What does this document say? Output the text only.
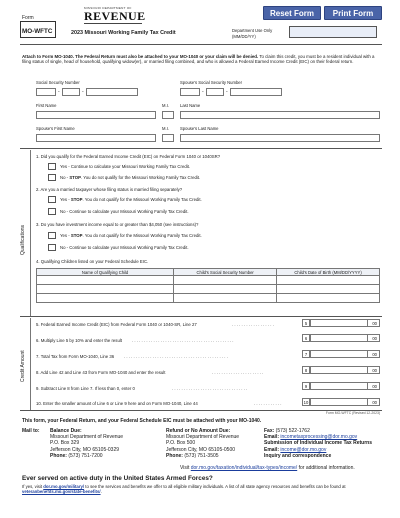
Reset Form	Print Form
Form
MO-WFTC
MISSOURI DEPARTMENT OF
REVENUE
2023 Missouri Working Family Tax Credit	Department Use Only
(MM/DD/YY)
Attach to Form MO-1040. The Federal Return must also be attached to your MO-1040 or your claim will be denied. To claim this credit, you must be a resident individual with a filing status of single, head of household, qualifying widow(er), or married filing combined, and who is allowed a Federal Earned Income Credit (EIC) on their federal return.
Social Security Number
-	-
Spouse's Social Security Number
-	-
First Name	M.I.	Last Name
Spouse's First Name	M.I.	Spouse's Last Name
Qualifications
1. Did you qualify for the Federal Earned Income Credit (EIC) on Federal Form 1040 or 1040SR?
Yes - Continue to calculate your Missouri Working Family Tax Credit.
No - STOP. You do not qualify for the Missouri Working Family Tax Credit.
2. Are you a married taxpayer whose filing status is married filing separately?
Yes - STOP. You do not qualify for the Missouri Working Family Tax Credit.
No - Continue to calculate your Missouri Working Family Tax Credit.
3. Do you have investment income equal to or greater than $4,050 (see instructions)?
Yes - STOP. You do not qualify for the Missouri Working Family Tax Credit.
No - Continue to calculate your Missouri Working Family Tax Credit.
4. Qualifying Children listed on your Federal Schedule EIC.
Name of Qualifying Child	Child's Social Security Number	Child's Date of Birth (MM/DD/YYYY)

Credit Amount
5. Federal Earned Income Credit (EIC) from Federal Form 1040 or 1040-SR, Line 27	. . . . . . . . . . . . . . . . . .	5	00
6. Multiply Line 5 by 10% and enter the result . . . . . . . . . . . . . . . . . . . . . . . . . . . . . . . . . . . . . . . . . . .	6	00
7. Total Tax from Form MO-1040, Line 36 . . . . . . . . . . . . . . . . . . . . . . . . . . . . . . . . . . . . . . . . . . . .	7	00
8. Add Line 42 and Line 43 from Form MO-1040 and enter the result	. . . . . . . . . . . . . . . . . . . . . .	8	00
9. Subtract Line 8 from Line 7. If less than 0, enter 0	. . . . . . . . . . . . . . . . . . . . . . . . . . . . . . . .	9	00
10. Enter the smaller amount of Line 6 or Line 9 here and on Form MO-1040, Line 44	. . . . . . . . . . . .	10	00
Form MO-WFTC (Revised 12-2023)
This form, your Federal Return, and your Federal Schedule EIC must be attached with your MO-1040.
Mail to: Balance Due:
Missouri Department of Revenue
P.O. Box 329
Jefferson City, MO 65105-0329
Phone: (573) 751-7200
Refund or No Amount Due:
Missouri Department of Revenue
P.O. Box 500
Jefferson City, MO 65105-0500
Phone: (573) 751-3505
Fax: (573) 522-1762
Email: incometaxprocessing@dor.mo.gov
Submission of Individual Income Tax Returns
Email: income@dor.mo.gov
Inquiry and correspondence
Visit dor.mo.gov/taxation/individual/tax-types/income/ for additional information.
Ever served on active duty in the United States Armed Forces?
If yes, visit dor.mo.gov/military/ to see the services and benefits we offer to all eligible military individuals. A list of all state agency resources and benefits can be found at veteranbenefits.mo.gov/state-benefits/.
